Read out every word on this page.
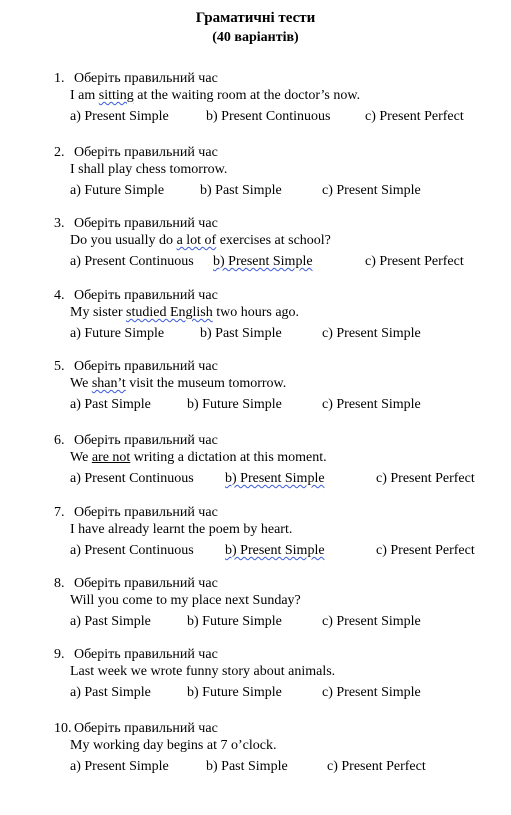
Граматичні тести
(40 варіантів)
1. Оберіть правильний час
I am sitting at the waiting room at the doctor’s now.
a) Present Simple	b) Present Continuous c) Present Perfect
2. Оберіть правильний час
I shall play chess tomorrow.
a) Future Simple	b) Past Simple	c) Present Simple
3. Оберіть правильний час
Do you usually do a lot of exercises at school?
a) Present Continuous b) Present Simple	c) Present Perfect
4. Оберіть правильний час
My sister studied English two hours ago.
a) Future Simple	b) Past Simple	c) Present Simple
5. Оберіть правильний час
We shan’t visit the museum tomorrow.
a) Past Simple	b) Future Simple	c) Present Simple
6. Оберіть правильний час
We are not writing a dictation at this moment.
a) Present Continuous b) Present Simple	c) Present Perfect
7. Оберіть правильний час
I have already learnt the poem by heart.
a) Present Continuous b) Present Simple	c) Present Perfect
8. Оберіть правильний час
Will you come to my place next Sunday?
a) Past Simple	b) Future Simple	c) Present Simple
9. Оберіть правильний час
Last week we wrote funny story about animals.
a) Past Simple	b) Future Simple	c) Present Simple
10. Оберіть правильний час
My working day begins at 7 o’clock.
a) Present Simple	b) Past Simple	c) Present Perfect
